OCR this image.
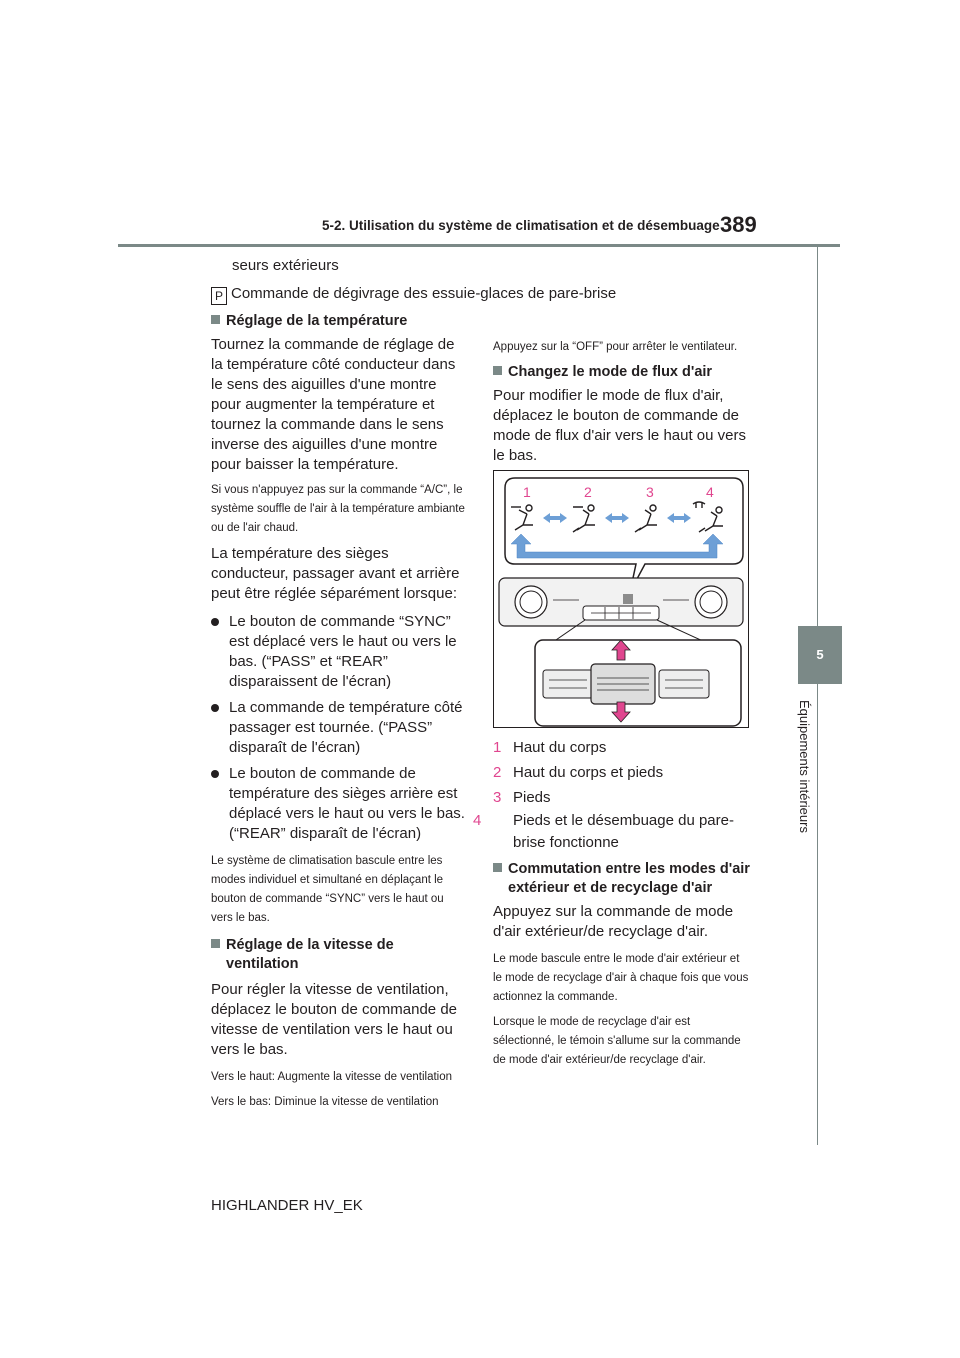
5-2. Utilisation du système de climatisation et de désembuage 389
5
Équipements intérieurs
seurs extérieurs
P Commande de dégivrage des essuie-glaces de pare-brise

Réglage de la température

Tournez la commande de réglage de la température côté conducteur dans le sens des aiguilles d'une montre pour augmenter la température et tournez la commande dans le sens inverse des aiguilles d'une montre pour baisser la température.

Si vous n'appuyez pas sur la commande “A/C”, le système souffle de l'air à la température ambiante ou de l'air chaud.

La température des sièges conducteur, passager avant et arrière peut être réglée séparément lorsque:

Le bouton de commande “SYNC” est déplacé vers le haut ou vers le bas. (“PASS” et “REAR” disparaissent de l'écran)

La commande de température côté passager est tournée. (“PASS” disparaît de l'écran)

Le bouton de commande de température des sièges arrière est déplacé vers le haut ou vers le bas. (“REAR” disparaît de l'écran)

Le système de climatisation bascule entre les modes individuel et simultané en déplaçant le bouton de commande “SYNC” vers le haut ou vers le bas.

Réglage de la vitesse de ventilation

Pour régler la vitesse de ventilation, déplacez le bouton de commande de vitesse de ventilation vers le haut ou vers le bas.

Vers le haut: Augmente la vitesse de ventilation

Vers le bas: Diminue la vitesse de ventilation

Appuyez sur la “OFF” pour arrêter le ventilateur.

Changez le mode de flux d'air

Pour modifier le mode de flux d'air, déplacez le bouton de commande de mode de flux d'air vers le haut ou vers le bas.

1	2	3	4

1 Haut du corps

2 Haut du corps et pieds

3 Pieds

4 Pieds et le désembuage du pare-brise fonctionne

Commutation entre les modes d'air extérieur et de recyclage d'air

Appuyez sur la commande de mode d'air extérieur/de recyclage d'air.

Le mode bascule entre le mode d'air extérieur et le mode de recyclage d'air à chaque fois que vous actionnez la commande.

Lorsque le mode de recyclage d'air est sélectionné, le témoin s'allume sur la commande de mode d'air extérieur/de recyclage d'air.

HIGHLANDER HV_EK
